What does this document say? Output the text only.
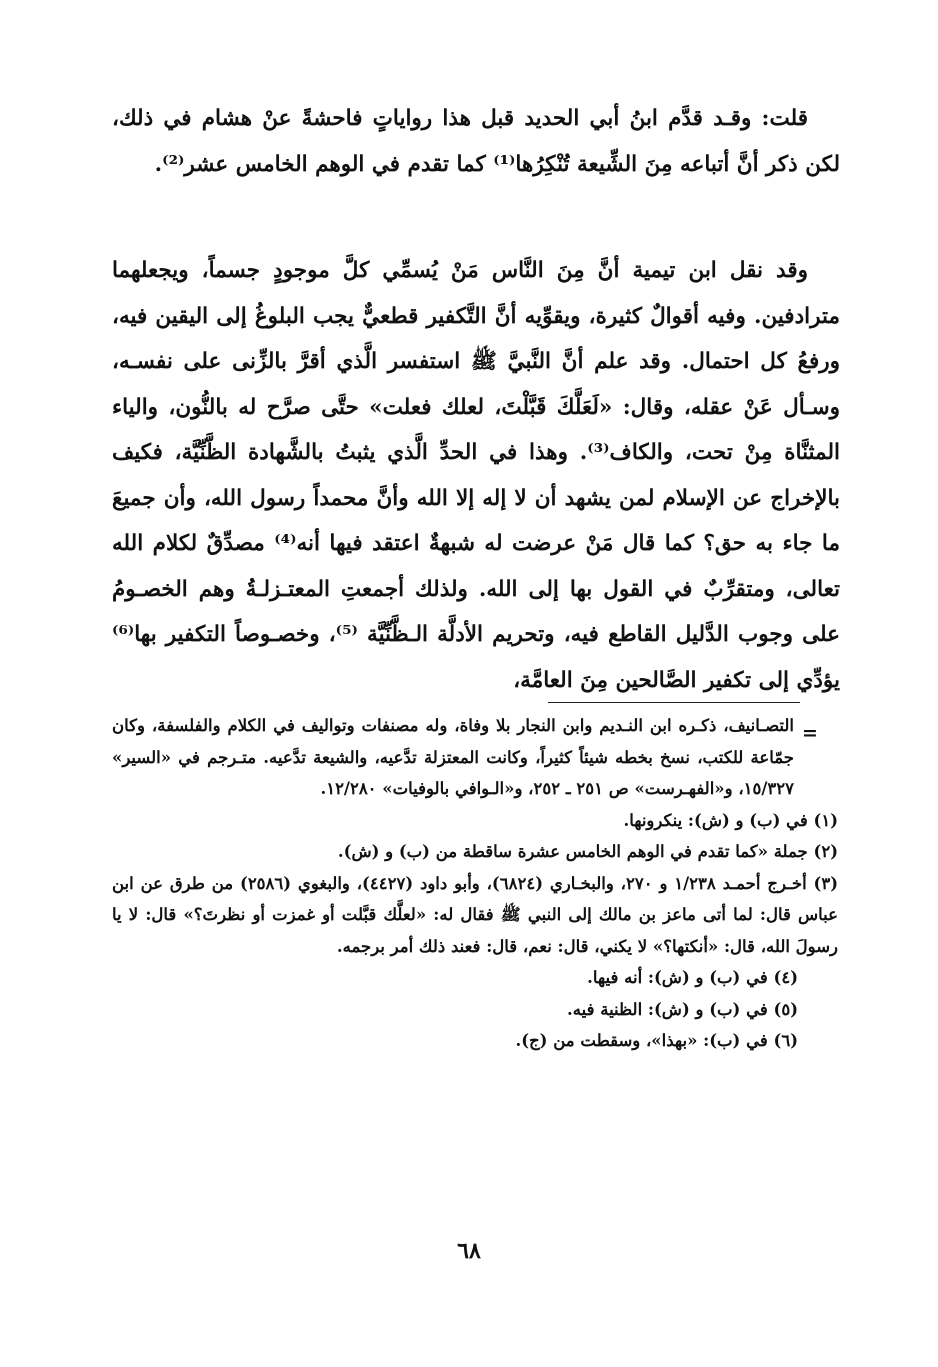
قلت: وقـد قدَّم ابنُ أبي الحديد قبل هذا رواياتٍ فاحشةً عنْ هشام في ذلك، لكن ذكر أنَّ أتباعه مِنَ الشِّيعة تُنْكِرُها⁽¹⁾ كما تقدم في الوهم الخامس عشر⁽²⁾.

وقد نقل ابن تيمية أنَّ مِنَ النَّاس مَنْ يُسمِّي كلَّ موجودٍ جسماً، ويجعلهما مترادفين. وفيه أقوالٌ كثيرة، ويقوِّيه أنَّ التَّكفير قطعيٌّ يجب البلوغُ إلى اليقين فيه، ورفعُ كل احتمال. وقد علم أنَّ النَّبيَّ ﷺ استفسر الَّذي أقرَّ بالزِّنى على نفسـه، وسـأل عَنْ عقله، وقال: «لَعَلَّكَ قَبَّلْتَ، لعلك فعلت» حتَّى صرَّح له بالنُّون، والياء المثنَّاة مِنْ تحت، والكاف⁽³⁾. وهذا في الحدِّ الَّذي يثبتُ بالشَّهادة الظَّنِّيَّة، فكيف بالإخراج عن الإسلام لمن يشهد أن لا إله إلا الله وأنَّ محمداً رسول الله، وأن جميعَ ما جاء به حق؟ كما قال مَنْ عرضت له شبهةٌ اعتقد فيها أنه⁽⁴⁾ مصدِّقٌ لكلام الله تعالى، ومتقرِّبٌ في القول بها إلى الله. ولذلك أجمعتِ المعتـزلـةُ وهم الخصـومُ على وجوب الدَّليل القاطع فيه، وتحريم الأدلَّة الـظَّنِّيَّة ⁽⁵⁾، وخصـوصاً التكفير بها⁽⁶⁾ يؤدِّي إلى تكفير الصَّالحين مِنَ العامَّة،

=

التصـانيف، ذكـره ابن النـديم وابن النجار بلا وفاة، وله مصنفات وتواليف في الكلام والفلسفة، وكان جمّاعة للكتب، نسخ بخطه شيئاً كثيراً، وكانت المعتزلة تدَّعيه، والشيعة تدَّعيه. متـرجم في «السير» ١٥/٣٢٧، و«الفهـرست» ص ٢٥١ ـ ٢٥٢، و«الـوافي بالوفيات» ١٢/٢٨٠.

(١) في (ب) و (ش): ينكرونها.

(٢) جملة «كما تقدم في الوهم الخامس عشرة ساقطة من (ب) و (ش).

(٣) أخـرج أحمـد ١/٢٣٨ و ٢٧٠، والبخـاري (٦٨٢٤)، وأبو داود (٤٤٢٧)، والبغوي (٢٥٨٦) من طرق عن ابن عباس قال: لما أتى ماعز بن مالك إلى النبي ﷺ فقال له: «لعلَّك قبَّلت أو غمزت أو نظرتَ؟» قال: لا يا رسولَ الله، قال: «أنكتها؟» لا يكني، قال: نعم، قال: فعند ذلك أمر برجمه.

(٤) في (ب) و (ش): أنه فيها.

(٥) في (ب) و (ش): الظنية فيه.

(٦) في (ب): «بهذا»، وسقطت من (ج).

٦٨
